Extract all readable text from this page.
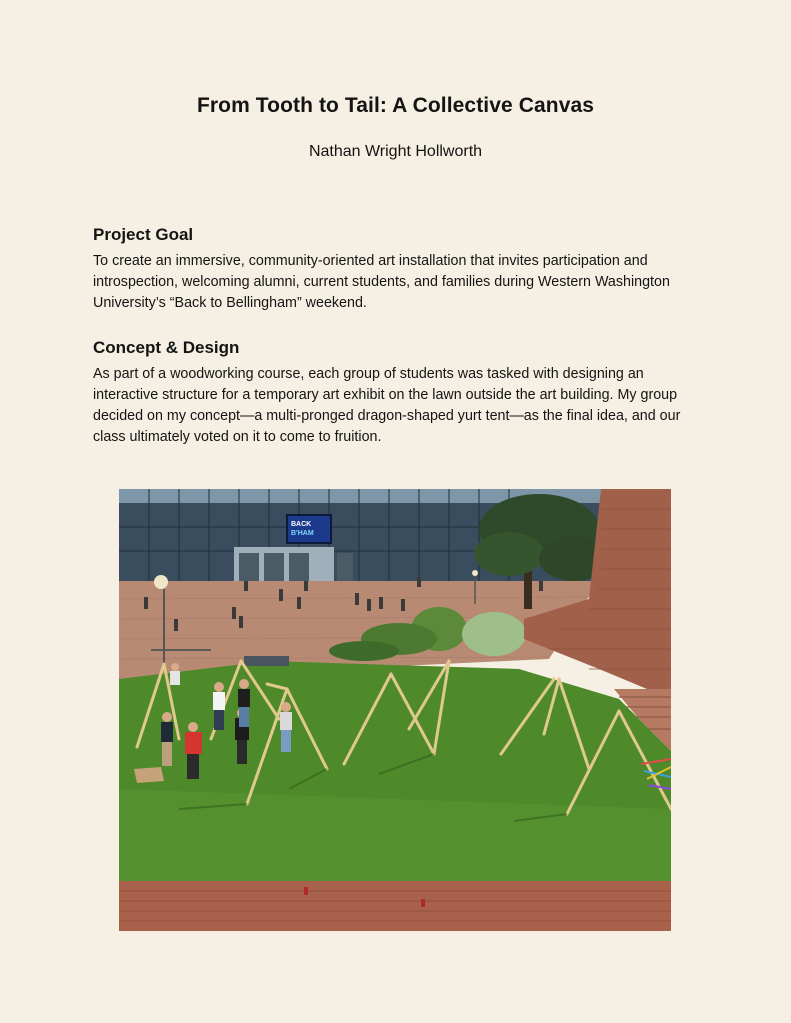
From Tooth to Tail: A Collective Canvas
Nathan Wright Hollworth
Project Goal

To create an immersive, community-oriented art installation that invites participation and introspection, welcoming alumni, current students, and families during Western Washington University’s “Back to Bellingham” weekend.

Concept & Design

As part of a woodworking course, each group of students was tasked with designing an interactive structure for a temporary art exhibit on the lawn outside the art building. My group decided on my concept—a multi-pronged dragon-shaped yurt tent—as the final idea, and our class ultimately voted on it to come to fruition.

BACK
B'HAM
